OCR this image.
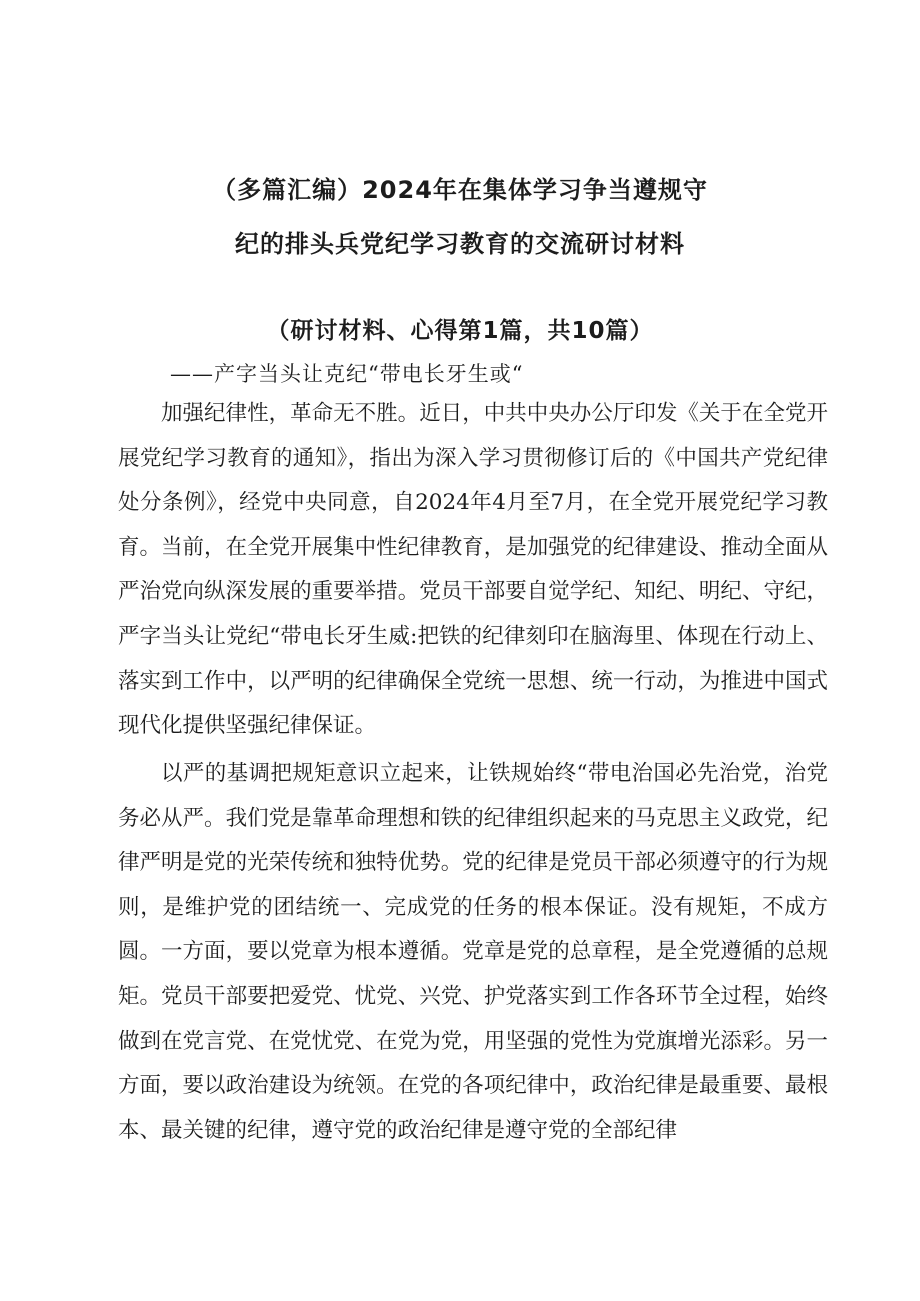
（多篇汇编）2024年在集体学习争当遵规守
纪的排头兵党纪学习教育的交流研讨材料
（研讨材料、心得第1篇，共10篇）
——产字当头让克纪“带电长牙生或“

加强纪律性，革命无不胜。近日，中共中央办公厅印发《关于在全党开展党纪学习教育的通知》，指出为深入学习贯彻修订后的《中国共产党纪律处分条例》，经党中央同意，自2024年4月至7月，在全党开展党纪学习教育。当前，在全党开展集中性纪律教育，是加强党的纪律建设、推动全面从严治党向纵深发展的重要举措。党员干部要自觉学纪、知纪、明纪、守纪，严字当头让党纪“带电长牙生威:把铁的纪律刻印在脑海里、体现在行动上、落实到工作中，以严明的纪律确保全党统一思想、统一行动，为推进中国式现代化提供坚强纪律保证。

以严的基调把规矩意识立起来，让铁规始终“带电治国必先治党，治党务必从严。我们党是靠革命理想和铁的纪律组织起来的马克思主义政党，纪律严明是党的光荣传统和独特优势。党的纪律是党员干部必须遵守的行为规则，是维护党的团结统一、完成党的任务的根本保证。没有规矩，不成方圆。一方面，要以党章为根本遵循。党章是党的总章程，是全党遵循的总规矩。党员干部要把爱党、忧党、兴党、护党落实到工作各环节全过程，始终做到在党言党、在党忧党、在党为党，用坚强的党性为党旗增光添彩。另一方面，要以政治建设为统领。在党的各项纪律中，政治纪律是最重要、最根本、最关键的纪律，遵守党的政治纪律是遵守党的全部纪律
